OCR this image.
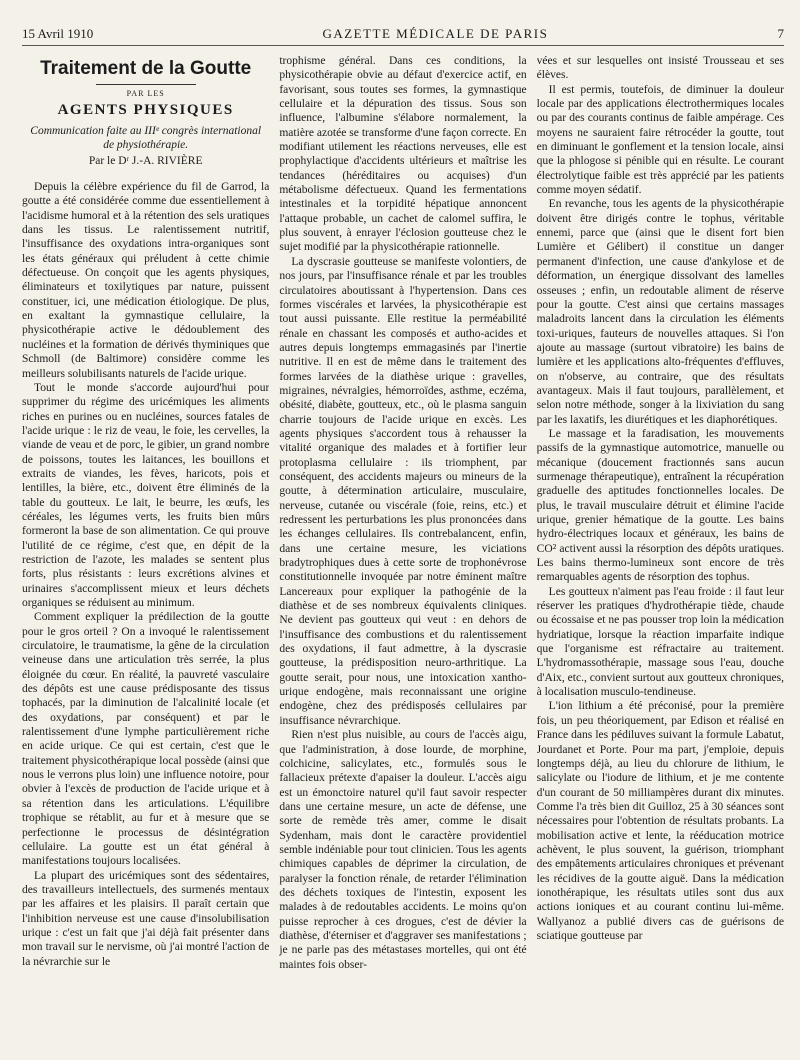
15 Avril 1910	GAZETTE MÉDICALE DE PARIS	7
Traitement de la Goutte
PAR LES
AGENTS PHYSIQUES
Communication faite au IIIᵉ congrès international de physiothérapie.
Par le Dʳ J.-A. RIVIÈRE

Depuis la célèbre expérience du fil de Garrod, la goutte a été considérée comme due essentiellement à l'acidisme humoral et à la rétention des sels uratiques dans les tissus. Le ralentissement nutritif, l'insuffisance des oxydations intra-organiques sont les états généraux qui préludent à cette chimie défectueuse. On conçoit que les agents physiques, éliminateurs et toxilytiques par nature, puissent constituer, ici, une médication étiologique. De plus, en exaltant la gymnastique cellulaire, la physicothérapie active le dédoublement des nucléines et la formation de dérivés thyminiques que Schmoll (de Baltimore) considère comme les meilleurs solubilisants naturels de l'acide urique.

Tout le monde s'accorde aujourd'hui pour supprimer du régime des uricémiques les aliments riches en purines ou en nucléines, sources fatales de l'acide urique : le riz de veau, le foie, les cervelles, la viande de veau et de porc, le gibier, un grand nombre de poissons, toutes les laitances, les bouillons et extraits de viandes, les fèves, haricots, pois et lentilles, la bière, etc., doivent être éliminés de la table du goutteux. Le lait, le beurre, les œufs, les céréales, les légumes verts, les fruits bien mûrs formeront la base de son alimentation. Ce qui prouve l'utilité de ce régime, c'est que, en dépit de la restriction de l'azote, les malades se sentent plus forts, plus résistants : leurs excrétions alvines et urinaires s'accomplissent mieux et leurs déchets organiques se réduisent au minimum.

Comment expliquer la prédilection de la goutte pour le gros orteil ? On a invoqué le ralentissement circulatoire, le traumatisme, la gêne de la circulation veineuse dans une articulation très serrée, la plus éloignée du cœur. En réalité, la pauvreté vasculaire des dépôts est une cause prédisposante des tissus tophacés, par la diminution de l'alcalinité locale (et des oxydations, par conséquent) et par le ralentissement d'une lymphe particulièrement riche en acide urique. Ce qui est certain, c'est que le traitement physicothérapique local possède (ainsi que nous le verrons plus loin) une influence notoire, pour obvier à l'excès de production de l'acide urique et à sa rétention dans les articulations. L'équilibre trophique se rétablit, au fur et à mesure que se perfectionne le processus de désintégration cellulaire. La goutte est un état général à manifestations toujours localisées.

La plupart des uricémiques sont des sédentaires, des travailleurs intellectuels, des surmenés mentaux par les affaires et les plaisirs. Il paraît certain que l'inhibition nerveuse est une cause d'insolubilisation urique : c'est un fait que j'ai déjà fait présenter dans mon travail sur le nervisme, où j'ai montré l'action de la névrarchie sur le

trophisme général. Dans ces conditions, la physicothérapie obvie au défaut d'exercice actif, en favorisant, sous toutes ses formes, la gymnastique cellulaire et la dépuration des tissus. Sous son influence, l'albumine s'élabore normalement, la matière azotée se transforme d'une façon correcte. En modifiant utilement les réactions nerveuses, elle est prophylactique d'accidents ultérieurs et maîtrise les tendances (héréditaires ou acquises) d'un métabolisme défectueux. Quand les fermentations intestinales et la torpidité hépatique annoncent l'attaque probable, un cachet de calomel suffira, le plus souvent, à enrayer l'éclosion goutteuse chez le sujet modifié par la physicothérapie rationnelle.

La dyscrasie goutteuse se manifeste volontiers, de nos jours, par l'insuffisance rénale et par les troubles circulatoires aboutissant à l'hypertension. Dans ces formes viscérales et larvées, la physicothérapie est tout aussi puissante. Elle restitue la perméabilité rénale en chassant les composés et autho-acides et autres depuis longtemps emmagasinés par l'inertie nutritive. Il en est de même dans le traitement des formes larvées de la diathèse urique : gravelles, migraines, névralgies, hémorroïdes, asthme, eczéma, obésité, diabète, goutteux, etc., où le plasma sanguin charrie toujours de l'acide urique en excès. Les agents physiques s'accordent tous à rehausser la vitalité organique des malades et à fortifier leur protoplasma cellulaire : ils triomphent, par conséquent, des accidents majeurs ou mineurs de la goutte, à détermination articulaire, musculaire, nerveuse, cutanée ou viscérale (foie, reins, etc.) et redressent les perturbations les plus prononcées dans les échanges cellulaires. Ils contrebalancent, enfin, dans une certaine mesure, les viciations bradytrophiques dues à cette sorte de trophonévrose constitutionnelle invoquée par notre éminent maître Lancereaux pour expliquer la pathogénie de la diathèse et de ses nombreux équivalents cliniques. Ne devient pas goutteux qui veut : en dehors de l'insuffisance des combustions et du ralentissement des oxydations, il faut admettre, à la dyscrasie goutteuse, la prédisposition neuro-arthritique. La goutte serait, pour nous, une intoxication xantho-urique endogène, mais reconnaissant une origine endogène, chez des prédisposés cellulaires par insuffisance névrarchique.

Rien n'est plus nuisible, au cours de l'accès aigu, que l'administration, à dose lourde, de morphine, colchicine, salicylates, etc., formulés sous le fallacieux prétexte d'apaiser la douleur. L'accès aigu est un émonctoire naturel qu'il faut savoir respecter dans une certaine mesure, un acte de défense, une sorte de remède très amer, comme le disait Sydenham, mais dont le caractère providentiel semble indéniable pour tout clinicien. Tous les agents chimiques capables de déprimer la circulation, de paralyser la fonction rénale, de retarder l'élimination des déchets toxiques de l'intestin, exposent les malades à de redoutables accidents. Le moins qu'on puisse reprocher à ces drogues, c'est de dévier la diathèse, d'éterniser et d'aggraver ses manifestations ; je ne parle pas des métastases mortelles, qui ont été maintes fois obser-

vées et sur lesquelles ont insisté Trousseau et ses élèves.

Il est permis, toutefois, de diminuer la douleur locale par des applications électrothermiques locales ou par des courants continus de faible ampérage. Ces moyens ne sauraient faire rétrocéder la goutte, tout en diminuant le gonflement et la tension locale, ainsi que la phlogose si pénible qui en résulte. Le courant électrolytique faible est très apprécié par les patients comme moyen sédatif.

En revanche, tous les agents de la physicothérapie doivent être dirigés contre le tophus, véritable ennemi, parce que (ainsi que le disent fort bien Lumière et Gélibert) il constitue un danger permanent d'infection, une cause d'ankylose et de déformation, un énergique dissolvant des lamelles osseuses ; enfin, un redoutable aliment de réserve pour la goutte. C'est ainsi que certains massages maladroits lancent dans la circulation les éléments toxi-uriques, fauteurs de nouvelles attaques. Si l'on ajoute au massage (surtout vibratoire) les bains de lumière et les applications alto-fréquentes d'effluves, on n'observe, au contraire, que des résultats avantageux. Mais il faut toujours, parallèlement, et selon notre méthode, songer à la lixiviation du sang par les laxatifs, les diurétiques et les diaphorétiques.

Le massage et la faradisation, les mouvements passifs de la gymnastique automotrice, manuelle ou mécanique (doucement fractionnés sans aucun surmenage thérapeutique), entraînent la récupération graduelle des aptitudes fonctionnelles locales. De plus, le travail musculaire détruit et élimine l'acide urique, grenier hématique de la goutte. Les bains hydro-électriques locaux et généraux, les bains de CO² activent aussi la résorption des dépôts uratiques. Les bains thermo-lumineux sont encore de très remarquables agents de résorption des tophus.

Les goutteux n'aiment pas l'eau froide : il faut leur réserver les pratiques d'hydrothérapie tiède, chaude ou écossaise et ne pas pousser trop loin la médication hydriatique, lorsque la réaction imparfaite indique que l'organisme est réfractaire au traitement. L'hydromassothérapie, massage sous l'eau, douche d'Aix, etc., convient surtout aux goutteux chroniques, à localisation musculo-tendineuse.

L'ion lithium a été préconisé, pour la première fois, un peu théoriquement, par Edison et réalisé en France dans les pédiluves suivant la formule Labatut, Jourdanet et Porte. Pour ma part, j'emploie, depuis longtemps déjà, au lieu du chlorure de lithium, le salicylate ou l'iodure de lithium, et je me contente d'un courant de 50 milliampères durant dix minutes. Comme l'a très bien dit Guilloz, 25 à 30 séances sont nécessaires pour l'obtention de résultats probants. La mobilisation active et lente, la rééducation motrice achèvent, le plus souvent, la guérison, triomphant des empâtements articulaires chroniques et prévenant les récidives de la goutte aiguë. Dans la médication ionothérapique, les résultats utiles sont dus aux actions ioniques et au courant continu lui-même. Wallyanoz a publié divers cas de guérisons de sciatique goutteuse par
